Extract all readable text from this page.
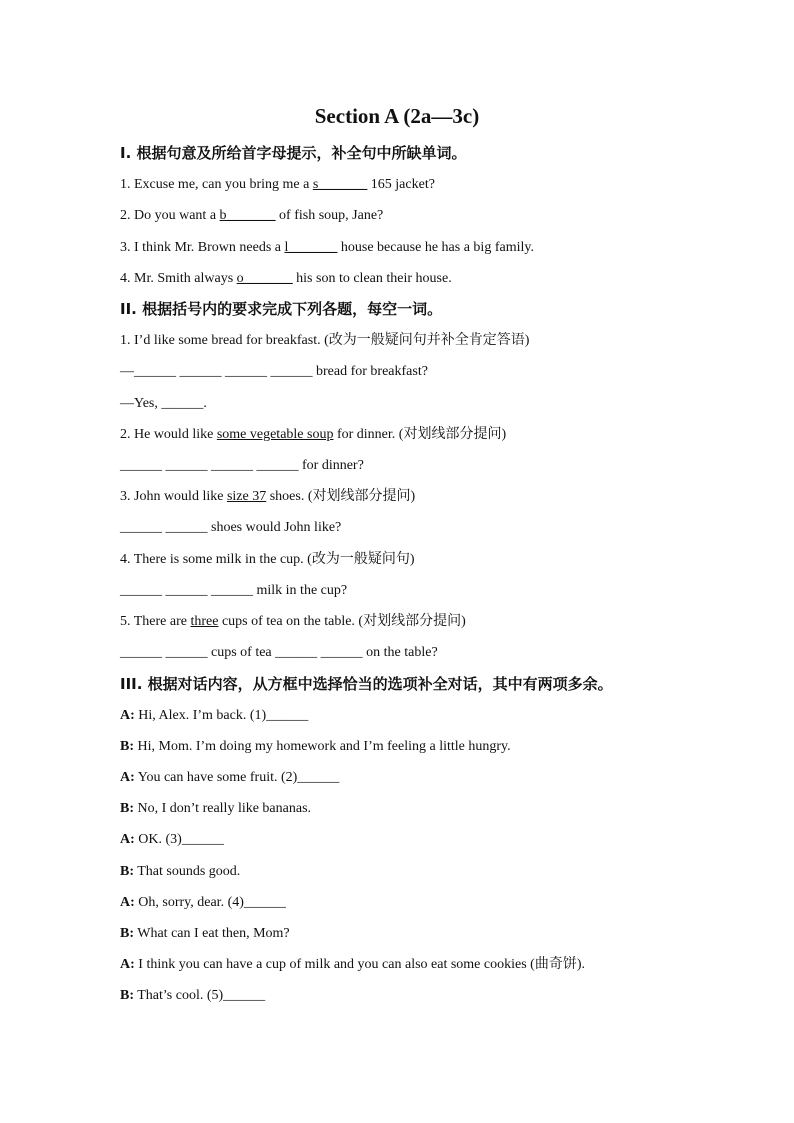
Section A (2a—3c)
Ⅰ. 根据句意及所给首字母提示，补全句中所缺单词。
1. Excuse me, can you bring me a s_______ 165 jacket?
2. Do you want a b_______ of fish soup, Jane?
3. I think Mr. Brown needs a l_______ house because he has a big family.
4. Mr. Smith always o_______ his son to clean their house.
II. 根据括号内的要求完成下列各题，每空一词。
1. I’d like some bread for breakfast. (改为一般疑问句并补全肯定答语)
—______ ______ ______ ______ bread for breakfast?
—Yes, ______.
2. He would like some vegetable soup for dinner. (对划线部分提问)
______ ______ ______ ______ for dinner?
3. John would like size 37 shoes. (对划线部分提问)
______ ______ shoes would John like?
4. There is some milk in the cup. (改为一般疑问句)
______ ______ ______ milk in the cup?
5. There are three cups of tea on the table. (对划线部分提问)
______ ______ cups of tea ______ ______ on the table?
III. 根据对话内容，从方框中选择恰当的选项补全对话，其中有两项多余。
A: Hi, Alex. I’m back. (1)______
B: Hi, Mom. I’m doing my homework and I’m feeling a little hungry.
A: You can have some fruit. (2)______
B: No, I don’t really like bananas.
A: OK. (3)______
B: That sounds good.
A: Oh, sorry, dear. (4)______
B: What can I eat then, Mom?
A: I think you can have a cup of milk and you can also eat some cookies (曲奇饼).
B: That’s cool. (5)______
